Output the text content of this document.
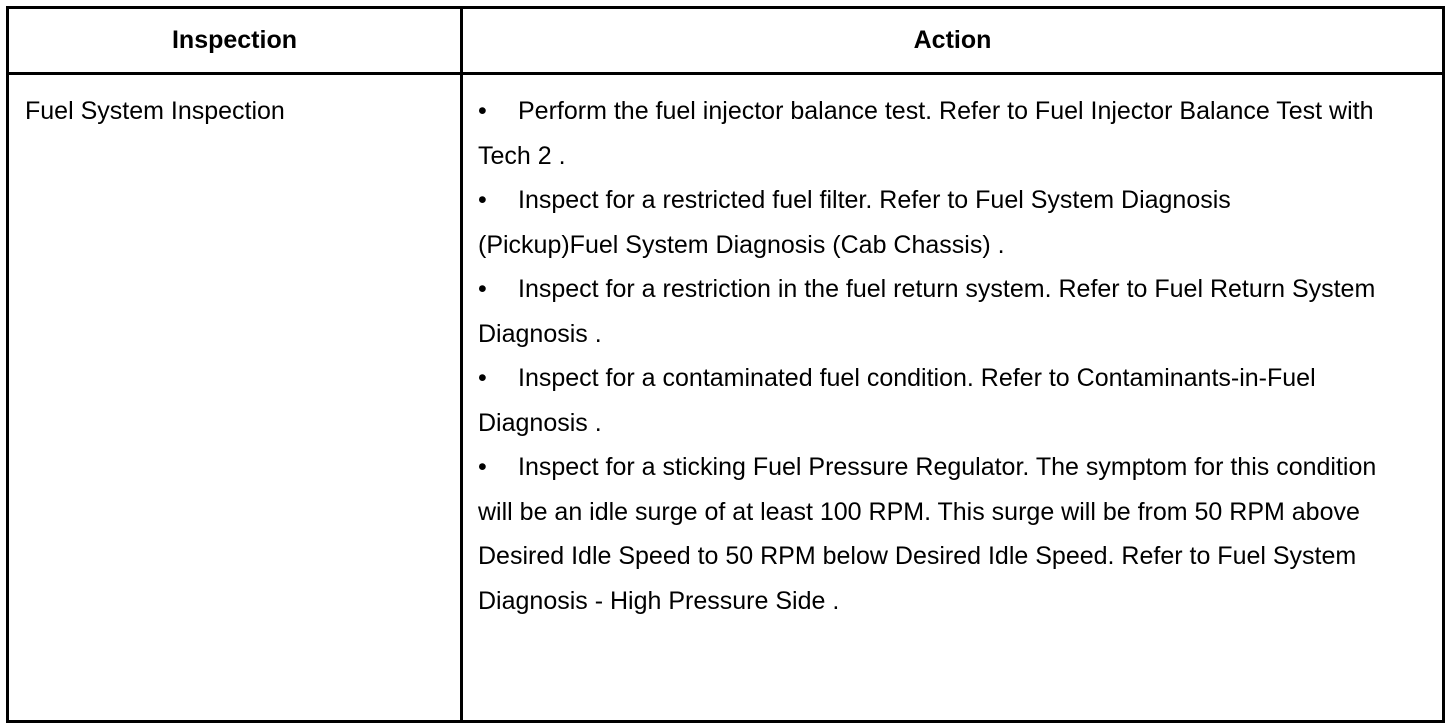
Inspection	Action
Fuel System Inspection	• Perform the fuel injector balance test. Refer to Fuel Injector Balance Test with Tech 2 .

• Inspect for a restricted fuel filter. Refer to Fuel System Diagnosis (Pickup)Fuel System Diagnosis (Cab Chassis) .

• Inspect for a restriction in the fuel return system. Refer to Fuel Return System Diagnosis .

• Inspect for a contaminated fuel condition. Refer to Contaminants-in-Fuel Diagnosis .

• Inspect for a sticking Fuel Pressure Regulator. The symptom for this condition will be an idle surge of at least 100 RPM. This surge will be from 50 RPM above Desired Idle Speed to 50 RPM below Desired Idle Speed. Refer to Fuel System Diagnosis - High Pressure Side .
